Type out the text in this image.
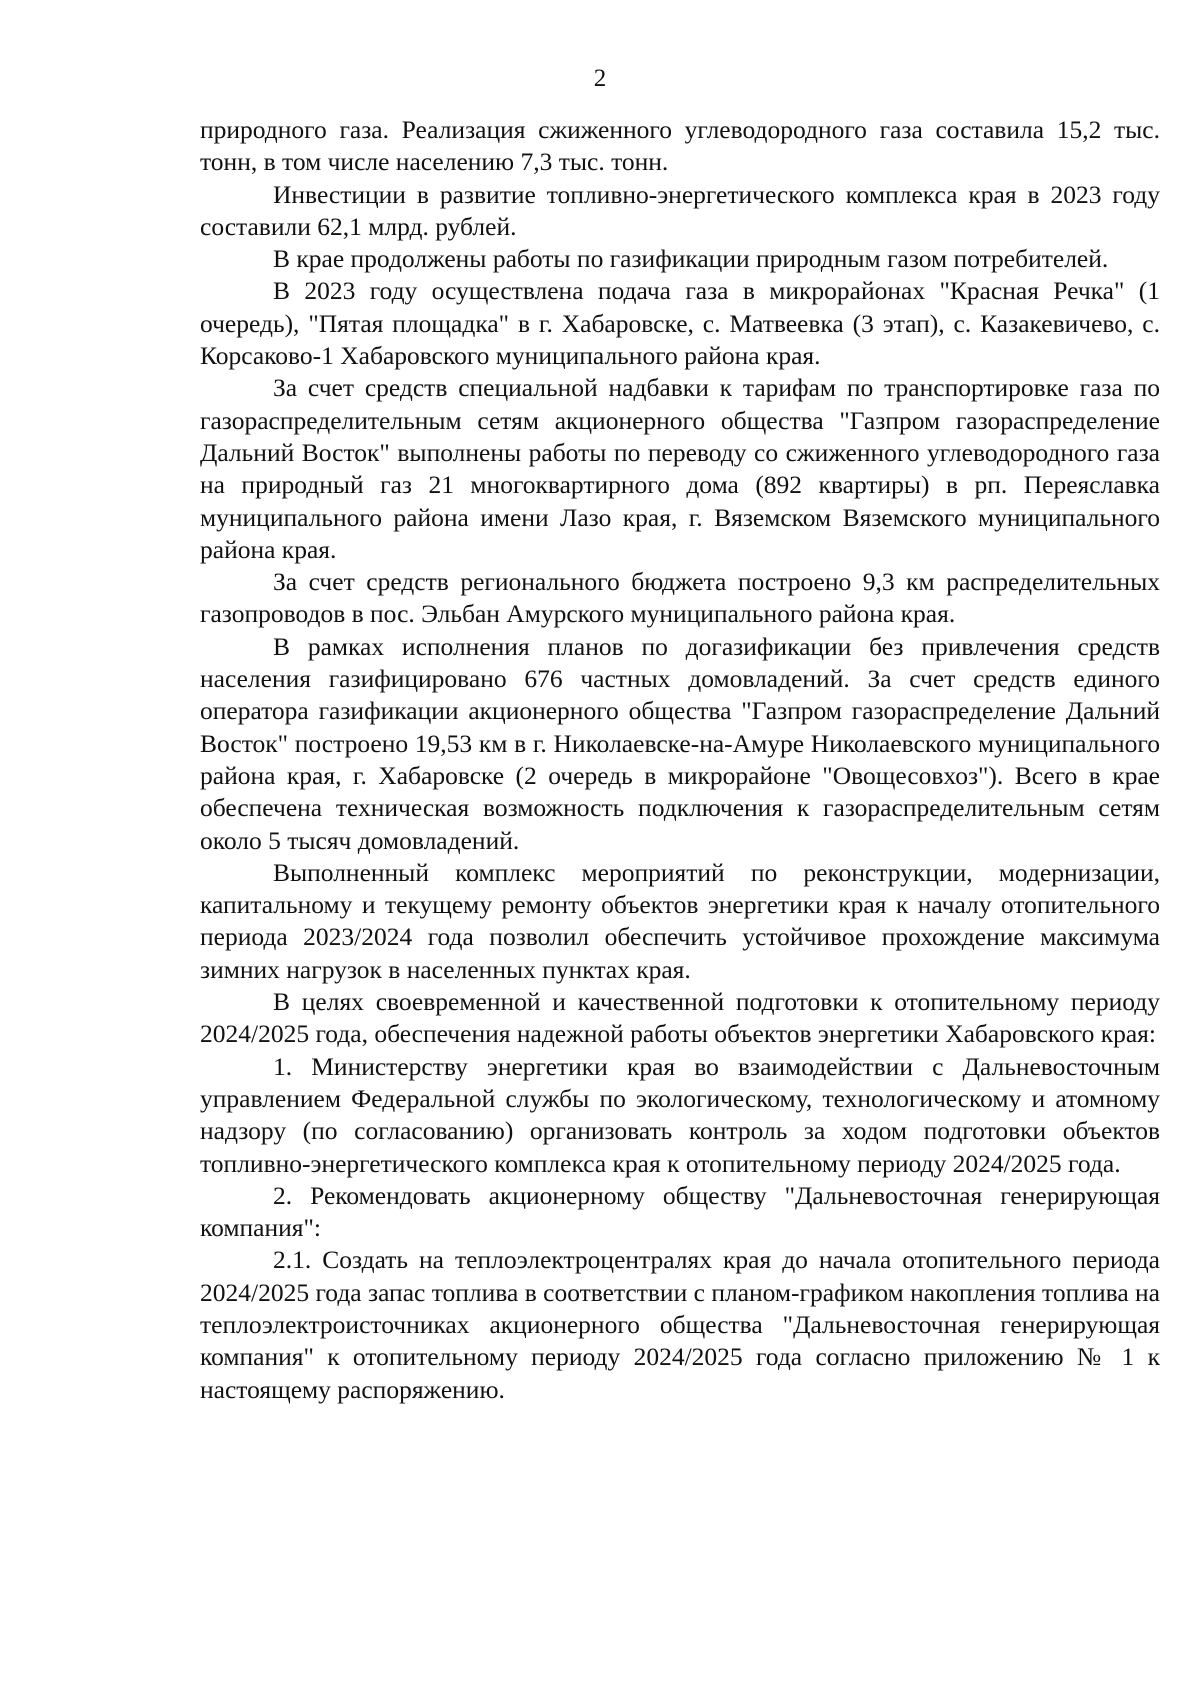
2

природного газа. Реализация сжиженного углеводородного газа составила 15,2 тыс. тонн, в том числе населению 7,3 тыс. тонн.

Инвестиции в развитие топливно-энергетического комплекса края в 2023 году составили 62,1 млрд. рублей.

В крае продолжены работы по газификации природным газом потребителей.

В 2023 году осуществлена подача газа в микрорайонах "Красная Речка" (1 очередь), "Пятая площадка" в г. Хабаровске, с. Матвеевка (3 этап), с. Казакевичево, с. Корсаково-1 Хабаровского муниципального района края.

За счет средств специальной надбавки к тарифам по транспортировке газа по газораспределительным сетям акционерного общества "Газпром газораспределение Дальний Восток" выполнены работы по переводу со сжиженного углеводородного газа на природный газ 21 многоквартирного дома (892 квартиры) в рп. Переяславка муниципального района имени Лазо края, г. Вяземском Вяземского муниципального района края.

За счет средств регионального бюджета построено 9,3 км распределительных газопроводов в пос. Эльбан Амурского муниципального района края.

В рамках исполнения планов по догазификации без привлечения средств населения газифицировано 676 частных домовладений. За счет средств единого оператора газификации акционерного общества "Газпром газораспределение Дальний Восток" построено 19,53 км в г. Николаевске-на-Амуре Николаевского муниципального района края, г. Хабаровске (2 очередь в микрорайоне "Овощесовхоз"). Всего в крае обеспечена техническая возможность подключения к газораспределительным сетям около 5 тысяч домовладений.

Выполненный комплекс мероприятий по реконструкции, модернизации, капитальному и текущему ремонту объектов энергетики края к началу отопительного периода 2023/2024 года позволил обеспечить устойчивое прохождение максимума зимних нагрузок в населенных пунктах края.

В целях своевременной и качественной подготовки к отопительному периоду 2024/2025 года, обеспечения надежной работы объектов энергетики Хабаровского края:

1. Министерству энергетики края во взаимодействии с Дальневосточным управлением Федеральной службы по экологическому, технологическому и атомному надзору (по согласованию) организовать контроль за ходом подготовки объектов топливно-энергетического комплекса края к отопительному периоду 2024/2025 года.

2. Рекомендовать акционерному обществу "Дальневосточная генерирующая компания":

2.1. Создать на теплоэлектроцентралях края до начала отопительного периода 2024/2025 года запас топлива в соответствии с планом-графиком накопления топлива на теплоэлектроисточниках акционерного общества "Дальневосточная генерирующая компания" к отопительному периоду 2024/2025 года согласно приложению № 1 к настоящему распоряжению.
